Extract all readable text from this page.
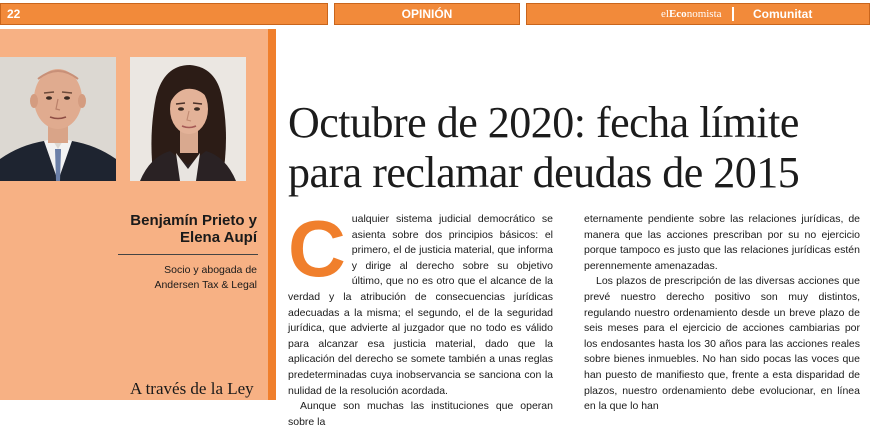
22	OPINIÓN	elEconomista	Comunitat Valenciana
Benjamín Prieto y Elena Aupí
Socio y abogada de
Andersen Tax & Legal
A través de la Ley
Octubre de 2020: fecha límite
para reclamar deudas de 2015
C ualquier sistema judicial democrático se asienta sobre dos principios básicos: el primero, el de justicia material, que informa y dirige al derecho sobre su objetivo último, que no es otro que el alcance de la verdad y la atribución de consecuencias jurídicas adecuadas a la misma; el segundo, el de la seguridad jurídica, que advierte al juzgador que no todo es válido para alcanzar esa justicia material, dado que la aplicación del derecho se somete también a unas reglas predeterminadas cuya inobservancia se sanciona con la nulidad de la resolución acordada.

Aunque son muchas las instituciones que operan sobre la

eternamente pendiente sobre las relaciones jurídicas, de manera que las acciones prescriban por su no ejercicio porque tampoco es justo que las relaciones jurídicas estén perennemente amenazadas.

Los plazos de prescripción de las diversas acciones que prevé nuestro derecho positivo son muy distintos, regulando nuestro ordenamiento desde un breve plazo de seis meses para el ejercicio de acciones cambiarias por los endosantes hasta los 30 años para las acciones reales sobre bienes inmuebles. No han sido pocas las voces que han puesto de manifiesto que, frente a esta disparidad de plazos, nuestro ordenamiento debe evolucionar, en línea en la que lo han
